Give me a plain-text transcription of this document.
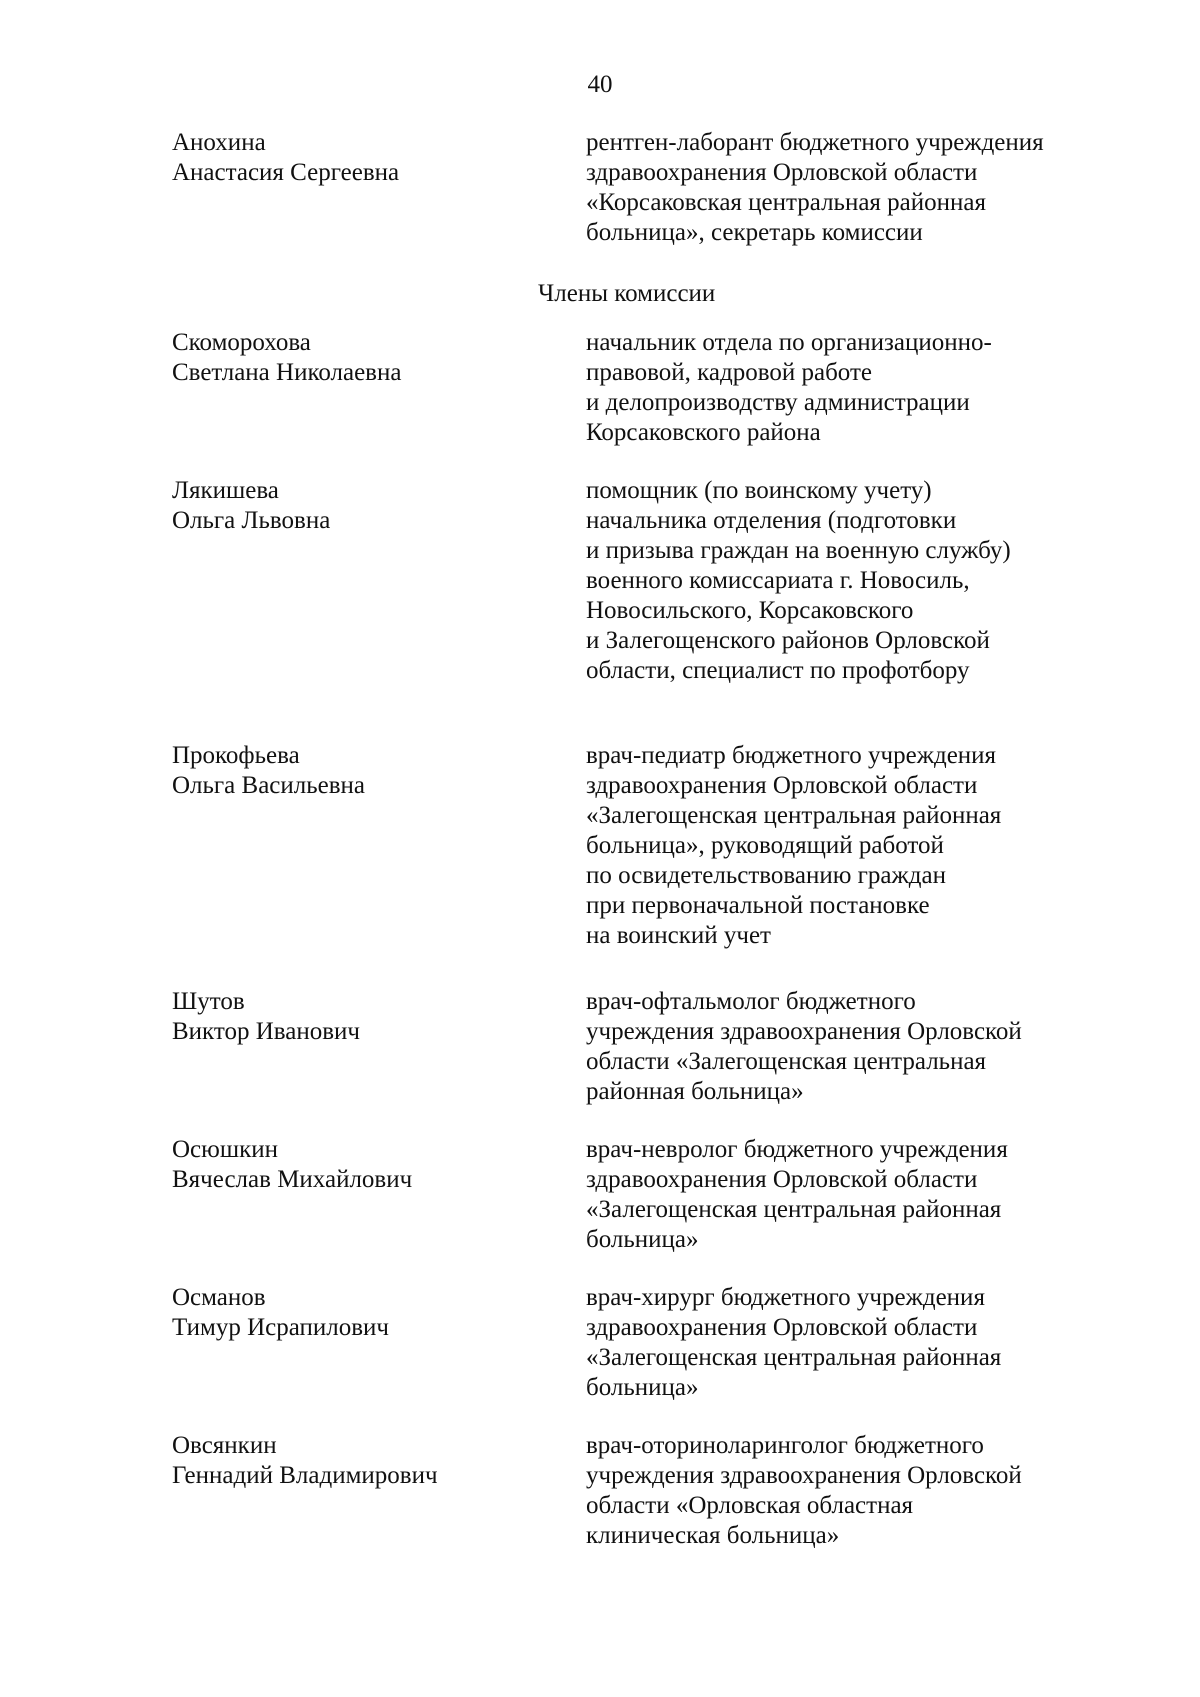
40
Анохина
Анастасия Сергеевна
рентген-лаборант бюджетного учреждения
здравоохранения Орловской области
«Корсаковская центральная районная
больница», секретарь комиссии
Члены комиссии
Скоморохова
Светлана Николаевна
начальник отдела по организационно-
правовой, кадровой работе
и делопроизводству администрации
Корсаковского района
Лякишева
Ольга Львовна
помощник (по воинскому учету)
начальника отделения (подготовки
и призыва граждан на военную службу)
военного комиссариата г. Новосиль,
Новосильского, Корсаковского
и Залегощенского районов Орловской
области, специалист по профотбору
Прокофьева
Ольга Васильевна
врач-педиатр бюджетного учреждения
здравоохранения Орловской области
«Залегощенская центральная районная
больница», руководящий работой
по освидетельствованию граждан
при первоначальной постановке
на воинский учет
Шутов
Виктор Иванович
врач-офтальмолог бюджетного
учреждения здравоохранения Орловской
области «Залегощенская центральная
районная больница»
Осюшкин
Вячеслав Михайлович
врач-невролог бюджетного учреждения
здравоохранения Орловской области
«Залегощенская центральная районная
больница»
Османов
Тимур Исрапилович
врач-хирург бюджетного учреждения
здравоохранения Орловской области
«Залегощенская центральная районная
больница»
Овсянкин
Геннадий Владимирович
врач-оториноларинголог бюджетного
учреждения здравоохранения Орловской
области «Орловская областная
клиническая больница»
